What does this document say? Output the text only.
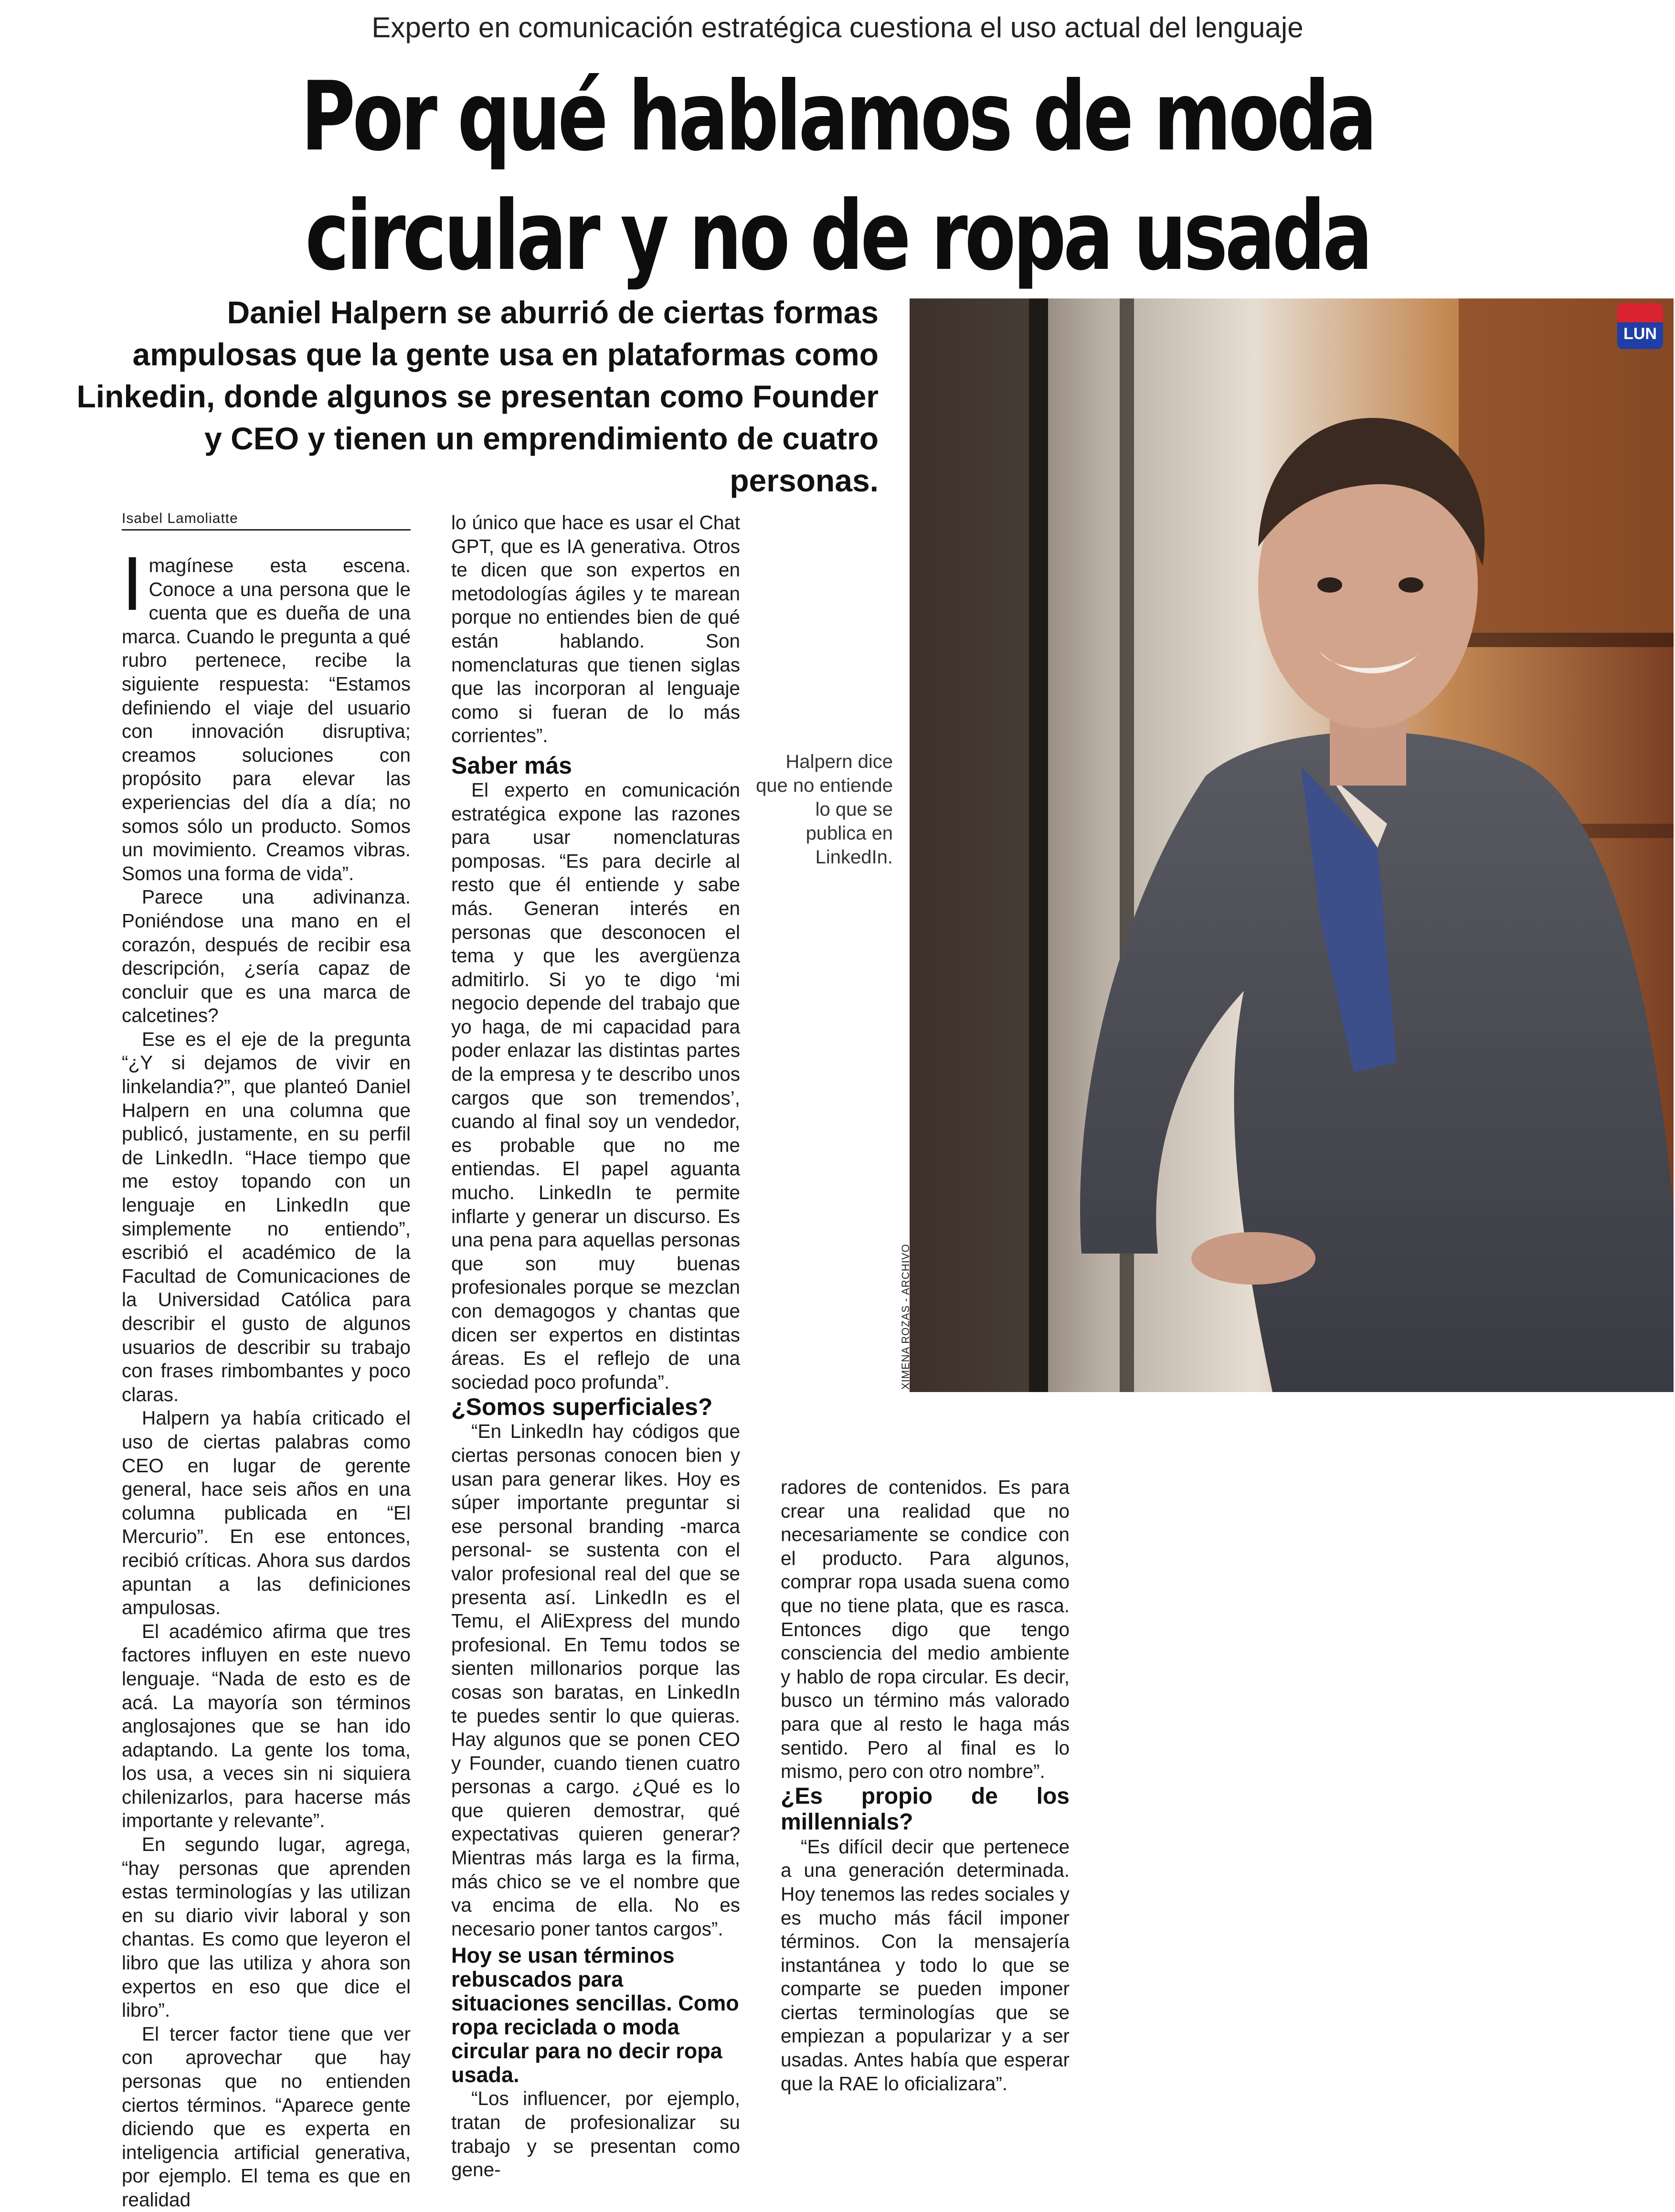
Experto en comunicación estratégica cuestiona el uso actual del lenguaje
Por qué hablamos de moda
circular y no de ropa usada
Daniel Halpern se aburrió de ciertas formas ampulosas que la gente usa en plataformas como Linkedin, donde algunos se presentan como Founder y CEO y tienen un emprendimiento de cuatro personas.
LUN
XIMENA ROZAS - ARCHIVO
Halpern dice que no entiende lo que se publica en LinkedIn.
Isabel Lamoliatte

Imagínese esta escena. Conoce a una persona que le cuenta que es dueña de una marca. Cuando le pregunta a qué rubro pertenece, recibe la siguiente respuesta: “Estamos definiendo el viaje del usuario con innovación disruptiva; creamos soluciones con propósito para elevar las experiencias del día a día; no somos sólo un producto. Somos un movimiento. Creamos vibras. Somos una forma de vida”.

Parece una adivinanza. Poniéndose una mano en el corazón, después de recibir esa descripción, ¿sería capaz de concluir que es una marca de calcetines?

Ese es el eje de la pregunta “¿Y si dejamos de vivir en linkelandia?”, que planteó Daniel Halpern en una columna que publicó, justamente, en su perfil de LinkedIn. “Hace tiempo que me estoy topando con un lenguaje en LinkedIn que simplemente no entiendo”, escribió el académico de la Facultad de Comunicaciones de la Universidad Católica para describir el gusto de algunos usuarios de describir su trabajo con frases rimbombantes y poco claras.

Halpern ya había criticado el uso de ciertas palabras como CEO en lugar de gerente general, hace seis años en una columna publicada en “El Mercurio”. En ese entonces, recibió críticas. Ahora sus dardos apuntan a las definiciones ampulosas.

El académico afirma que tres factores influyen en este nuevo lenguaje. “Nada de esto es de acá. La mayoría son términos anglosajones que se han ido adaptando. La gente los toma, los usa, a veces sin ni siquiera chilenizarlos, para hacerse más importante y relevante”.

En segundo lugar, agrega, “hay personas que aprenden estas terminologías y las utilizan en su diario vivir laboral y son chantas. Es como que leyeron el libro que las utiliza y ahora son expertos en eso que dice el libro”.

El tercer factor tiene que ver con aprovechar que hay personas que no entienden ciertos términos. “Aparece gente diciendo que es experta en inteligencia artificial generativa, por ejemplo. El tema es que en realidad

lo único que hace es usar el Chat GPT, que es IA generativa. Otros te dicen que son expertos en metodologías ágiles y te marean porque no entiendes bien de qué están hablando. Son nomenclaturas que tienen siglas que las incorporan al lenguaje como si fueran de lo más corrientes”.

Saber más

El experto en comunicación estratégica expone las razones para usar nomenclaturas pomposas. “Es para decirle al resto que él entiende y sabe más. Generan interés en personas que desconocen el tema y que les avergüenza admitirlo. Si yo te digo ‘mi negocio depende del trabajo que yo haga, de mi capacidad para poder enlazar las distintas partes de la empresa y te describo unos cargos que son tremendos’, cuando al final soy un vendedor, es probable que no me entiendas. El papel aguanta mucho. LinkedIn te permite inflarte y generar un discurso. Es una pena para aquellas personas que son muy buenas profesionales porque se mezclan con demagogos y chantas que dicen ser expertos en distintas áreas. Es el reflejo de una sociedad poco profunda”.

¿Somos superficiales?

“En LinkedIn hay códigos que ciertas personas conocen bien y usan para generar likes. Hoy es súper importante preguntar si ese personal branding -marca personal- se sustenta con el valor profesional real del que se presenta así. LinkedIn es el Temu, el AliExpress del mundo profesional. En Temu todos se sienten millonarios porque las cosas son baratas, en LinkedIn te puedes sentir lo que quieras. Hay algunos que se ponen CEO y Founder, cuando tienen cuatro personas a cargo. ¿Qué es lo que quieren demostrar, qué expectativas quieren generar? Mientras más larga es la firma, más chico se ve el nombre que va encima de ella. No es necesario poner tantos cargos”.

Hoy se usan términos rebuscados para situaciones sencillas. Como ropa reciclada o moda circular para no decir ropa usada.

“Los influencer, por ejemplo, tratan de profesionalizar su trabajo y se presentan como gene-

radores de contenidos. Es para crear una realidad que no necesariamente se condice con el producto. Para algunos, comprar ropa usada suena como que no tiene plata, que es rasca. Entonces digo que tengo consciencia del medio ambiente y hablo de ropa circular. Es decir, busco un término más valorado para que al resto le haga más sentido. Pero al final es lo mismo, pero con otro nombre”.

¿Es propio de los millennials?

“Es difícil decir que pertenece a una generación determinada. Hoy tenemos las redes sociales y es mucho más fácil imponer términos. Con la mensajería instantánea y todo lo que se comparte se pueden imponer ciertas terminologías que se empiezan a popularizar y a ser usadas. Antes había que esperar que la RAE lo oficializara”.
